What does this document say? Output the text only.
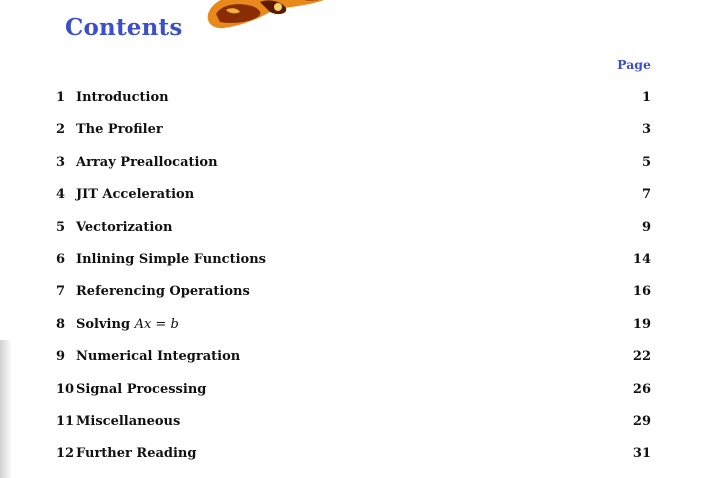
Contents
Page
1 Introduction	1
2 The Profiler	3
3 Array Preallocation	5
4 JIT Acceleration	7
5 Vectorization	9
6 Inlining Simple Functions	14
7 Referencing Operations	16
8 Solving Ax = b	19
9 Numerical Integration	22
10 Signal Processing	26
11 Miscellaneous	29
12 Further Reading	31
